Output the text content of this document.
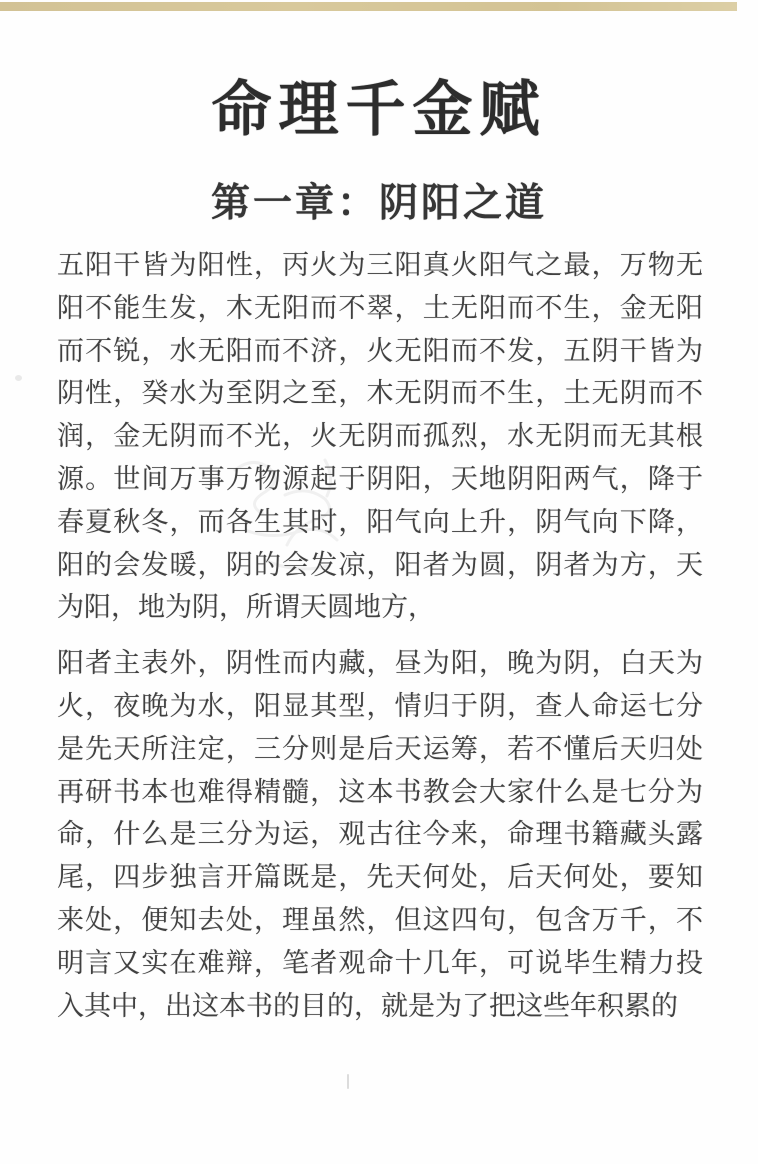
命理千金赋
第一章：阴阳之道
五阳干皆为阳性，丙火为三阳真火阳气之最，万物无
阳不能生发，木无阳而不翠，土无阳而不生，金无阳
而不锐，水无阳而不济，火无阳而不发，五阴干皆为
阴性，癸水为至阴之至，木无阴而不生，土无阴而不
润，金无阴而不光，火无阴而孤烈，水无阴而无其根
源。世间万事万物源起于阴阳，天地阴阳两气，降于
春夏秋冬，而各生其时，阳气向上升，阴气向下降，
阳的会发暖，阴的会发凉，阳者为圆，阴者为方，天
为阳，地为阴，所谓天圆地方，
阳者主表外，阴性而内藏，昼为阳，晚为阴，白天为
火，夜晚为水，阳显其型，情归于阴，查人命运七分
是先天所注定，三分则是后天运筹，若不懂后天归处
再研书本也难得精髓，这本书教会大家什么是七分为
命，什么是三分为运，观古往今来，命理书籍藏头露
尾，四步独言开篇既是，先天何处，后天何处，要知
来处，便知去处，理虽然，但这四句，包含万千，不
明言又实在难辩，笔者观命十几年，可说毕生精力投
入其中，出这本书的目的，就是为了把这些年积累的
